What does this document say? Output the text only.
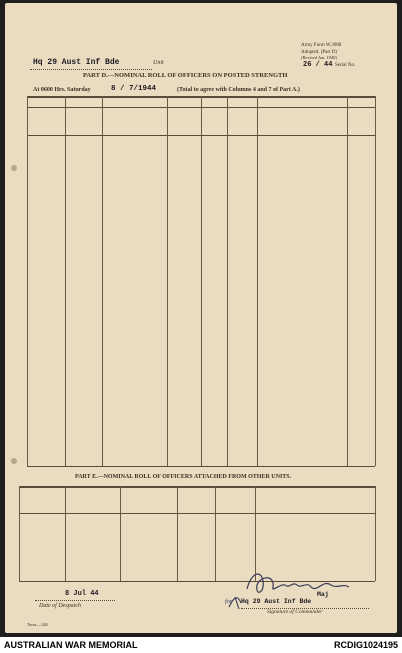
Hq 29 Aust Inf Bde	Unit
Army Form W.3008
Adopted. (Part D)
(Revised Jan. 1940)
26 / 44 Serial No.
PART D.—NOMINAL ROLL OF OFFICERS ON POSTED STRENGTH
At 0600 Hrs. Saturday	8 / 7/1944	(Total to agree with Columns 4 and 7 of Part A.)
PART E.—NOMINAL ROLL OF OFFICERS ATTACHED FROM OTHER UNITS.
8 Jul 44
Date of Despatch
Terra—148
for
Maj
Hq 29 Aust Inf Bde
Signature of Commander
AUSTRALIAN WAR MEMORIAL	RCDIG1024195
